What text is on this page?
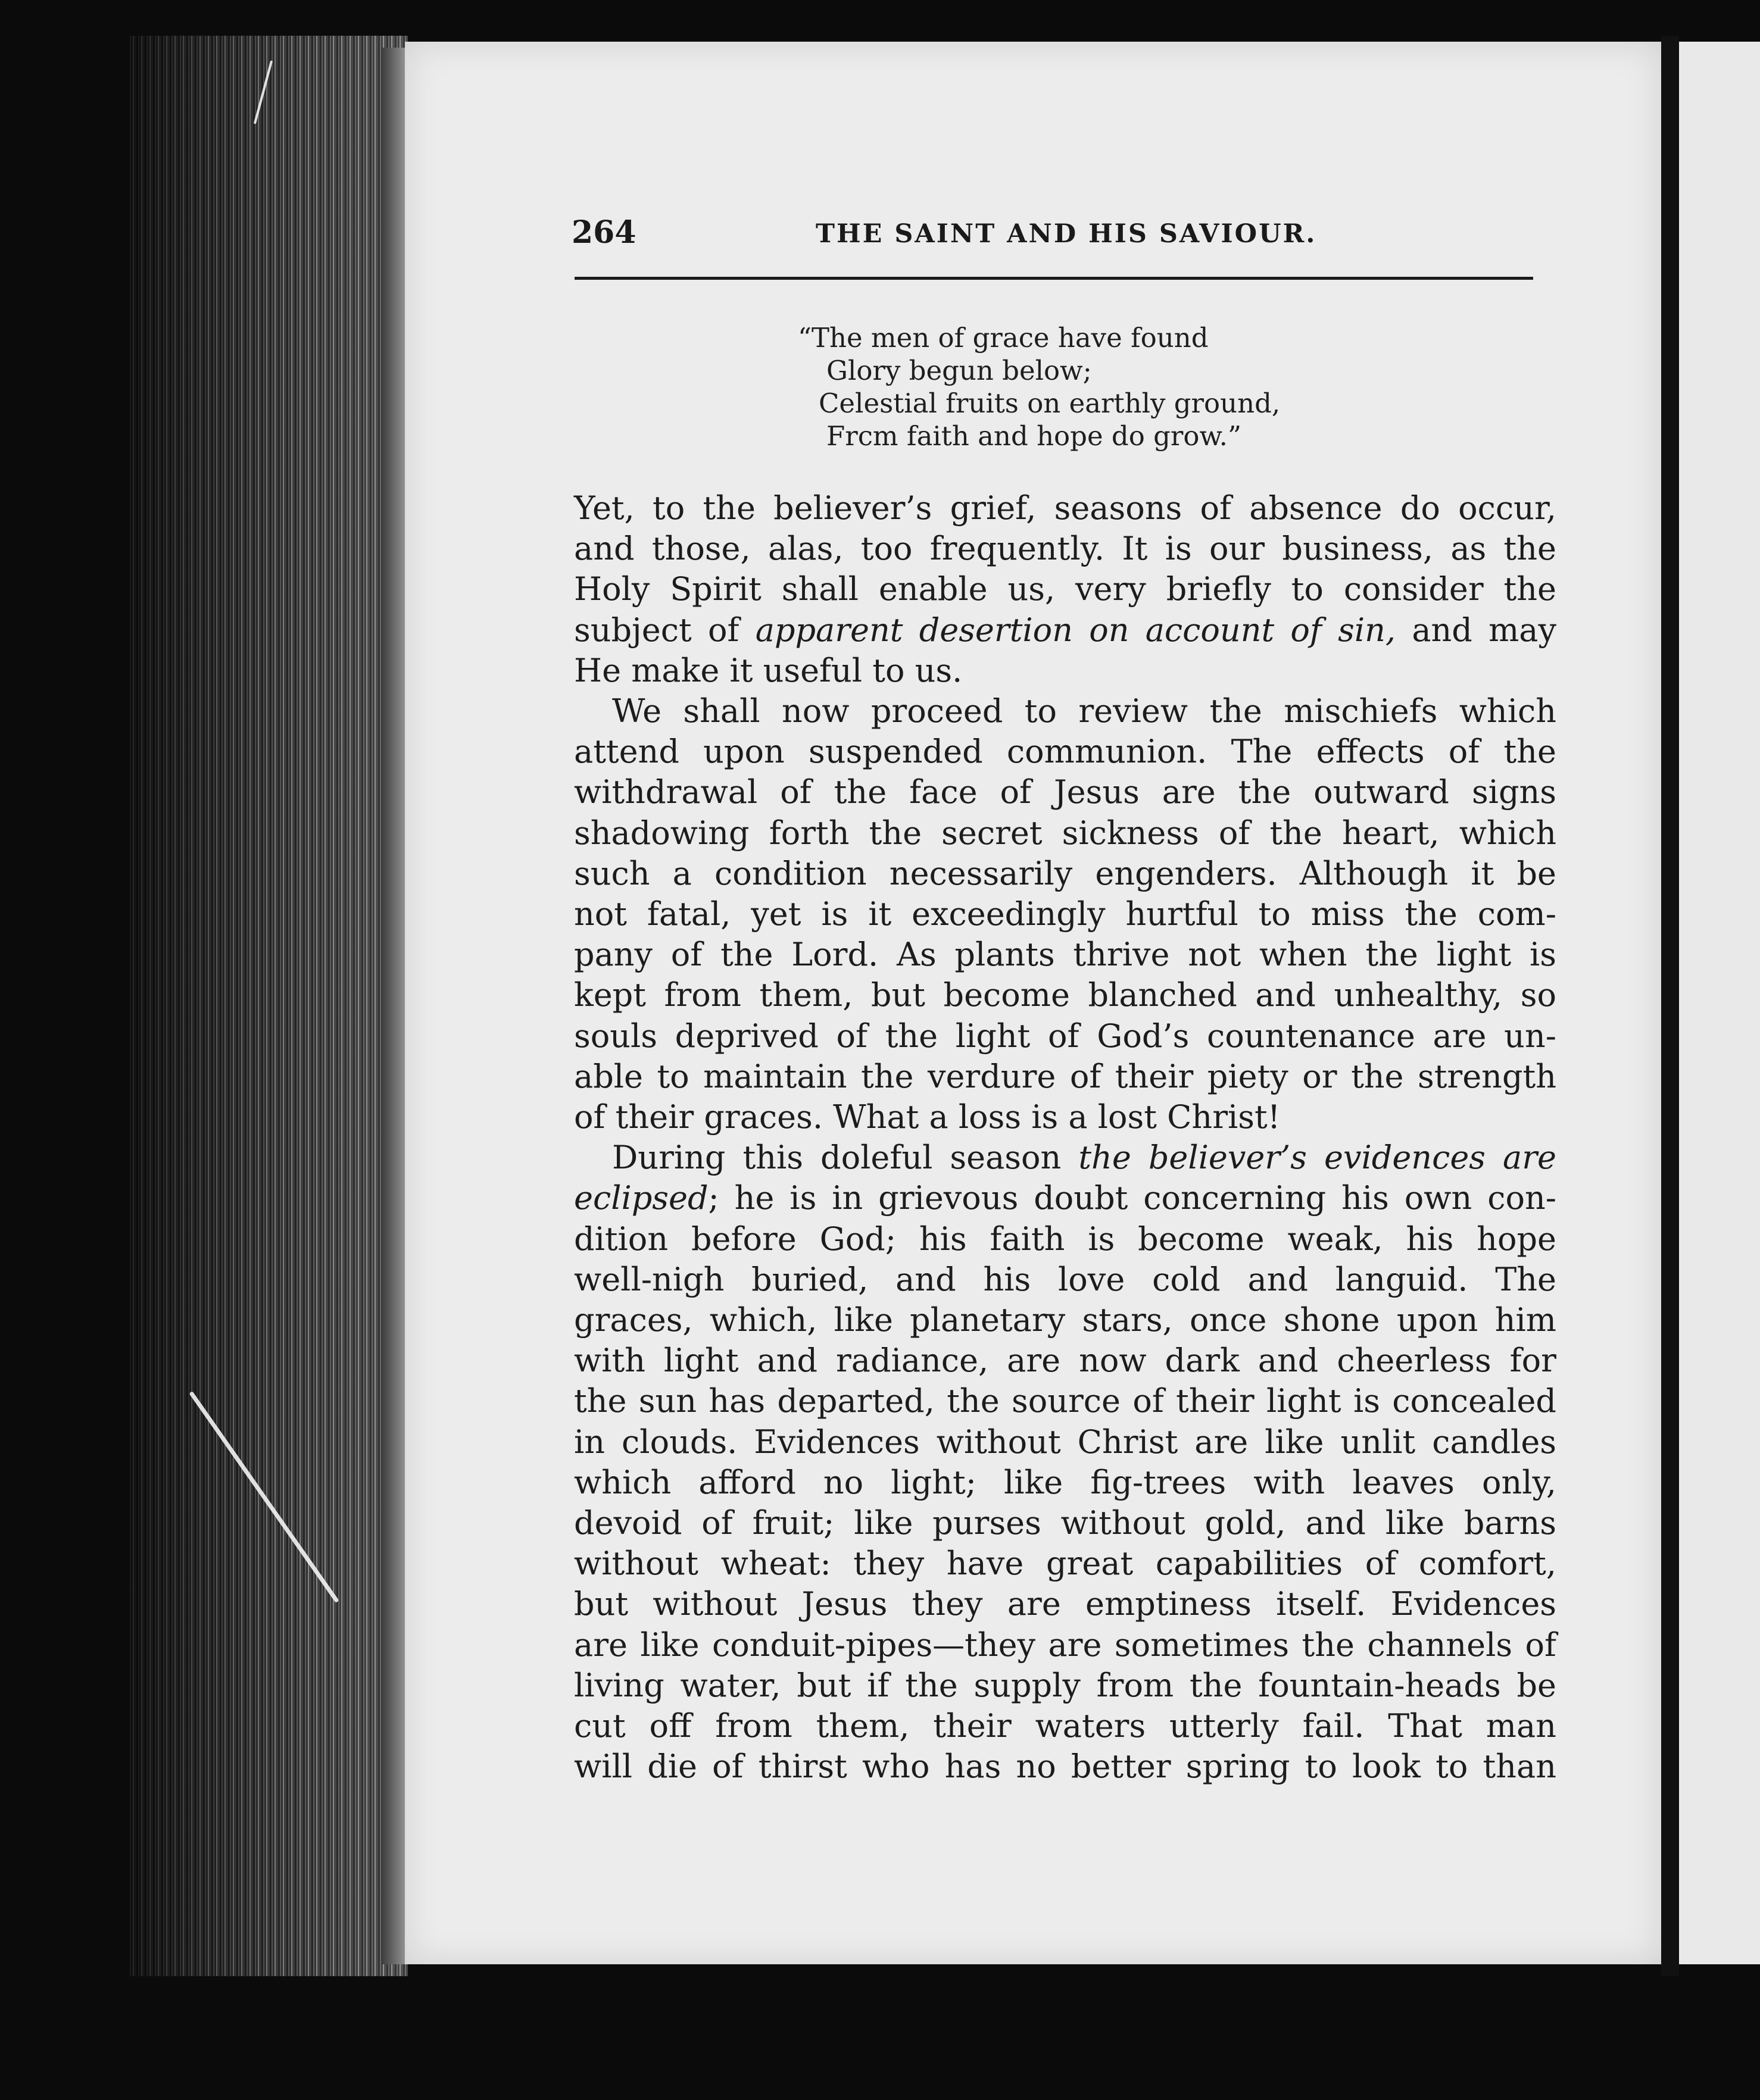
264	THE SAINT AND HIS SAVIOUR.
“The men of grace have found
Glory begun below;
Celestial fruits on earthly ground,
Frcm faith and hope do grow.”
Yet, to the believer’s grief, seasons of absence do occur,
and those, alas, too frequently. It is our business, as the
Holy Spirit shall enable us, very briefly to consider the
subject of apparent desertion on account of sin, and may
He make it useful to us.
We shall now proceed to review the mischiefs which
attend upon suspended communion. The effects of the
withdrawal of the face of Jesus are the outward signs
shadowing forth the secret sickness of the heart, which
such a condition necessarily engenders. Although it be
not fatal, yet is it exceedingly hurtful to miss the com-
pany of the Lord. As plants thrive not when the light is
kept from them, but become blanched and unhealthy, so
souls deprived of the light of God’s countenance are un-
able to maintain the verdure of their piety or the strength
of their graces. What a loss is a lost Christ!
During this doleful season the believer’s evidences are
eclipsed; he is in grievous doubt concerning his own con-
dition before God; his faith is become weak, his hope
well-nigh buried, and his love cold and languid. The
graces, which, like planetary stars, once shone upon him
with light and radiance, are now dark and cheerless for
the sun has departed, the source of their light is concealed
in clouds. Evidences without Christ are like unlit candles
which afford no light; like fig-trees with leaves only,
devoid of fruit; like purses without gold, and like barns
without wheat: they have great capabilities of comfort,
but without Jesus they are emptiness itself. Evidences
are like conduit-pipes—they are sometimes the channels of
living water, but if the supply from the fountain-heads be
cut off from them, their waters utterly fail. That man
will die of thirst who has no better spring to look to than
